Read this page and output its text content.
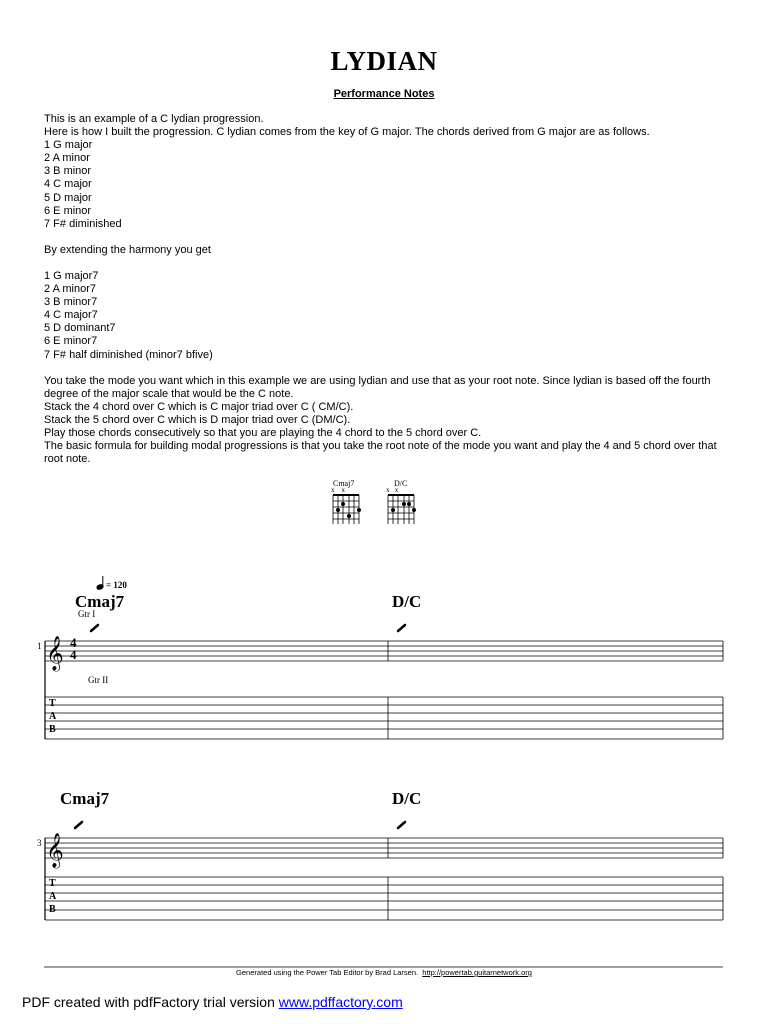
LYDIAN
Performance Notes

This is an example of a C lydian progression.

Here is how I built the progression. C lydian comes from the key of G major. The chords derived from G major are as follows.

1 G major

2 A minor

3 B minor

4 C major

5 D major

6 E minor

7 F# diminished

By extending the harmony you get

1 G major7

2 A minor7

3 B minor7

4 C major7

5 D dominant7

6 E minor7

7 F# half diminished (minor7 bfive)

You take the mode you want which in this example we are using lydian and use that as your root note. Since lydian is based off the fourth degree of the major scale that would be the C note.

Stack the 4 chord over C which is C major triad over C ( CM/C).

Stack the 5 chord over C which is D major triad over C (DM/C).

Play those chords consecutively so that you are playing the 4 chord to the 5 chord over C.

The basic formula for building modal progressions is that you take the root note of the mode you want and play the 4 and 5 chord over that root note.

Cmaj7
x    x
D/C
x   x
𝄞
𝄞
= 120
Cmaj7	D/C
Gtr I
Gtr II
1 4
4
T
A
B
Cmaj7	D/C
3
T
A
B
Generated using the Power Tab Editor by Brad Larsen. http://powertab.guitarnetwork.org
PDF created with pdfFactory trial version www.pdffactory.com
